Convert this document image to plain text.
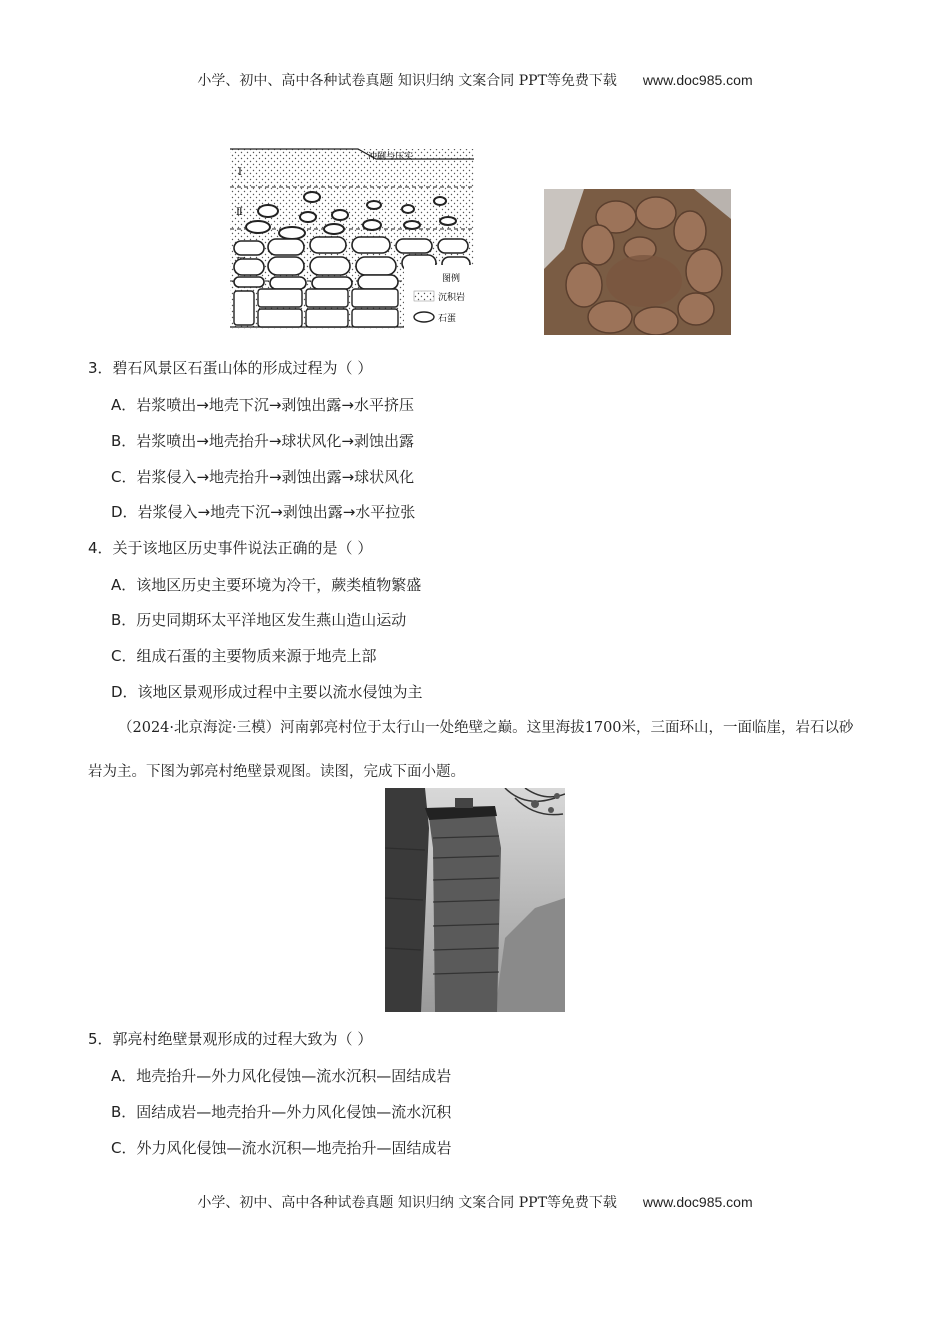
小学、初中、高中各种试卷真题 知识归纳 文案合同 PPT等免费下载 www.doc985.com
冲刷与压实
Ⅰ
Ⅱ
图例
沉积岩
石蛋
3．碧石风景区石蛋山体的形成过程为（ ）
A．岩浆喷出→地壳下沉→剥蚀出露→水平挤压
B．岩浆喷出→地壳抬升→球状风化→剥蚀出露
C．岩浆侵入→地壳抬升→剥蚀出露→球状风化
D．岩浆侵入→地壳下沉→剥蚀出露→水平拉张
4．关于该地区历史事件说法正确的是（ ）
A．该地区历史主要环境为冷干，蕨类植物繁盛
B．历史同期环太平洋地区发生燕山造山运动
C．组成石蛋的主要物质来源于地壳上部
D．该地区景观形成过程中主要以流水侵蚀为主
（2024·北京海淀·三模）河南郭亮村位于太行山一处绝壁之巅。这里海拔1700米，三面环山，一面临崖，岩石以砂岩为主。下图为郭亮村绝壁景观图。读图，完成下面小题。
5．郭亮村绝壁景观形成的过程大致为（ ）
A．地壳抬升—外力风化侵蚀—流水沉积—固结成岩
B．固结成岩—地壳抬升—外力风化侵蚀—流水沉积
C．外力风化侵蚀—流水沉积—地壳抬升—固结成岩
小学、初中、高中各种试卷真题 知识归纳 文案合同 PPT等免费下载 www.doc985.com
